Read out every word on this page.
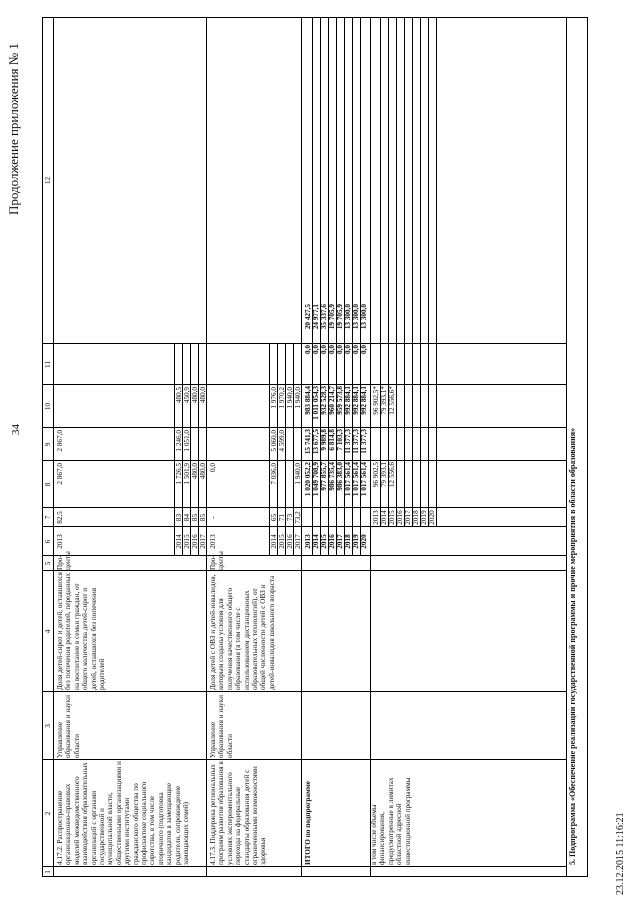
Продолжение приложения № 1
34
23.12.2015 11:16:21
1
2
3
4
5
6
7
8
9
10
11
12
4.17.2. Распространение организационно-правовых моделей межведомственного взаимодействия образовательных организаций с органами государственной и муниципальной власти, общественными организациями и другими институтами гражданского общества по профилактике социального сиротства, в том числе вторичного (подготовка кандидатов в замещающие родители, сопровождение замещающих семей)
Управление образования и науки области
Доля детей-сирот и детей, оставшихся без попечения родителей, переданных на воспитание в семьи граждан, от общего количества детей-сирот и детей, оставшихся без попечения родителей
Про-центы
2013
82,5
2 867,0
2 867,0
2014
83
1 726,5
1 246,0
480,5
2015
84
1 501,9
1 051,0
450,9
2016
85
480,0
480,0
2017
85
480,0
480,0
4.17.3. Поддержка региональных программ развития образования в условиях экспериментального перехода на федеральные стандарты образования детей с ограниченными возможностями здоровья
Управление образования и науки области
Доля детей с ОВЗ и детей-инвалидов, которым созданы условия для получения качественного общего образования (в том числе с использованием дистанционных образовательных технологий), от общей численности детей с ОВЗ и детей-инвалидов школьного возраста
Про-центы
2013
-
0,0
2014
65
7 036,0
5 060,0
1 976,0
2015
71
4 599,0
1 970,2
2016
73
1 940,0
2017
73,2
1 940,0
1 940,0
ИТОГО по подпрограмме	в том числе объемы финансирования, предусмотренные в лимитах областной адресной инвестиционной программы	5. Подпрограмма «Обеспечение реализации государственной программы и прочие мероприятия в области образования»
2013
1 020 052,2
15 741,3
983 884,4
0,0
20 427,5
2014
1 049 708,9
13 677,5
1 011 054,3
0,0
24 977,1
2015
977 855,7
9 989,8
932 528,3
0,0
35 337,6
2016
986 735,4
6 814,8
960 214,7
0,0
19 705,9
2017
986 383,0
7 103,3
959 573,8
0,0
19 705,9
2018
1 017 561,4
11 377,3
992 884,1
0,0
13 300,0
2019
1 017 561,4
11 377,3
992 884,1
0,0
13 300,0
2020
1 017 561,4
11 377,3
992 884,1
0,0
13 300,0
2013
96 902,5
96 902,5*
2014
79 393,1
79 393,1*
2015
12 556,6
12 556,6*
2016 2017 2018 2019 2020
